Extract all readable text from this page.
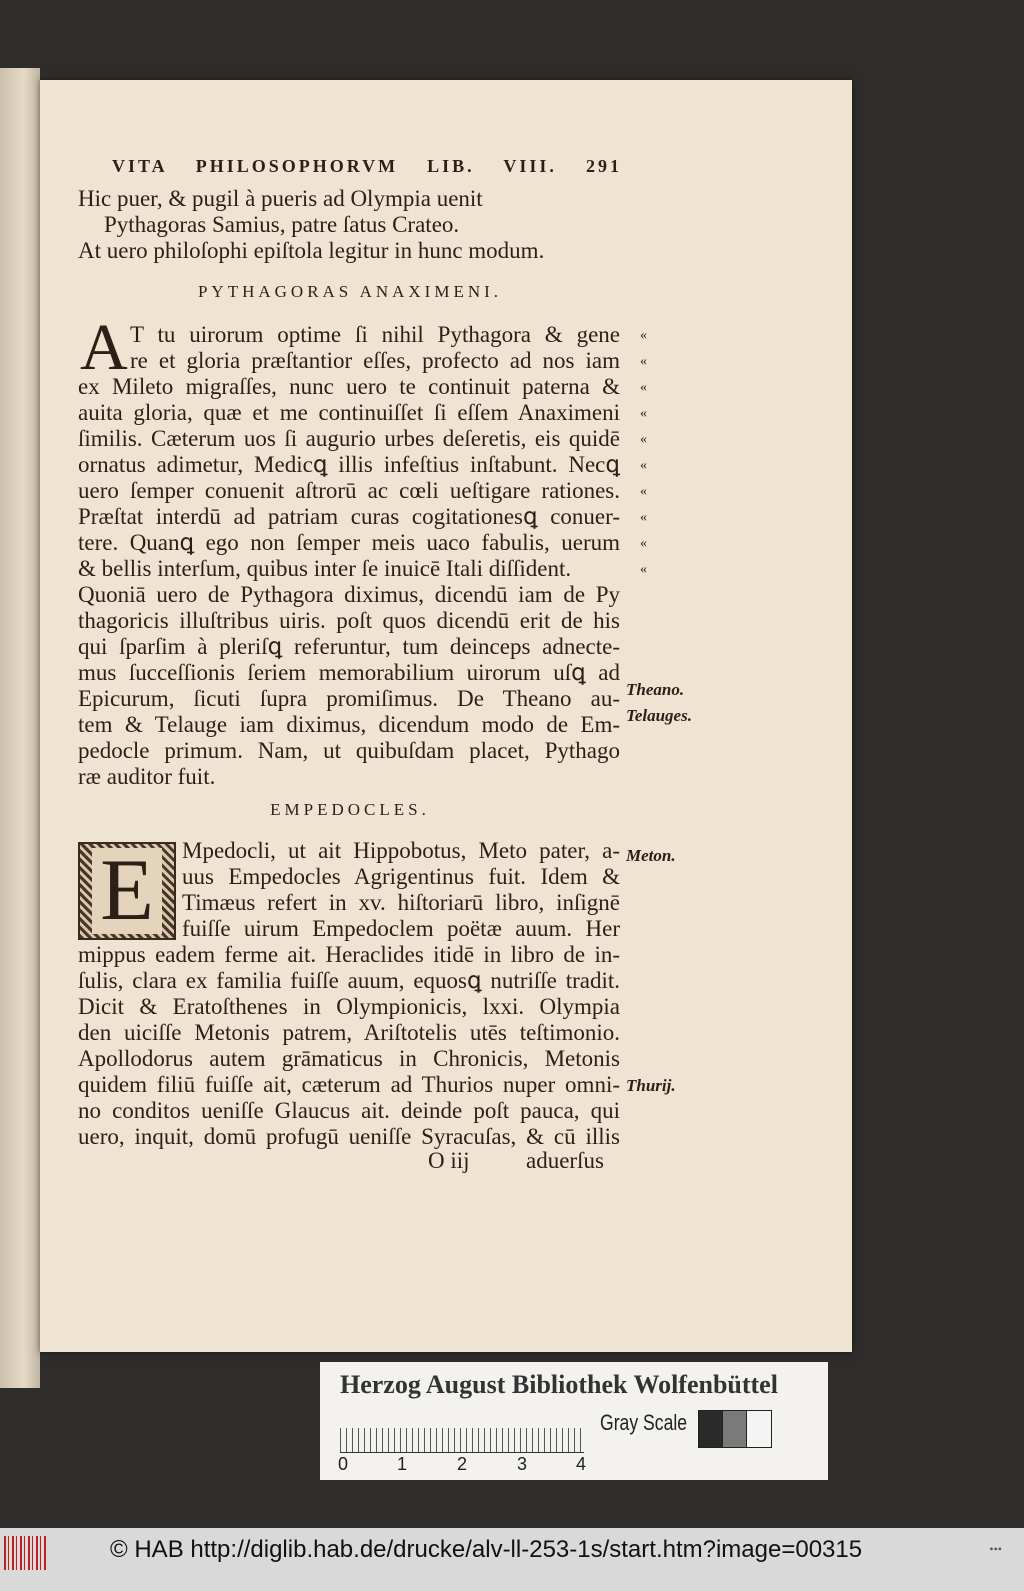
VITA PHILOSOPHORVM LIB. VIII. 291
Hic puer, & pugil à pueris ad Olympia uenit
Pythagoras Samius, patre ſatus Crateo.
At uero philoſophi epiſtola legitur in hunc modum.
PYTHAGORAS ANAXIMENI.
A T tu uirorum optime ſi nihil Pythagora & gene «
re et gloria præſtantior eſſes, profecto ad nos iam «
ex Mileto migraſſes, nunc uero te continuit paterna & «
auita gloria, quæ et me continuiſſet ſi eſſem Anaximeni «
ſimilis. Cæterum uos ſi augurio urbes deſeretis, eis quidē «
ornatus adimetur, Medicꝗ illis infeſtius inſtabunt. Necꝗ «
uero ſemper conuenit aſtrorū ac cœli ueſtigare rationes. «
Præſtat interdū ad patriam curas cogitationesꝗ conuer- «
tere. Quanꝗ ego non ſemper meis uaco fabulis, uerum «
& bellis interſum, quibus inter ſe inuicē Itali diſſident.	«
Quoniā uero de Pythagora diximus, dicendū iam de Py
thagoricis illuſtribus uiris. poſt quos dicendū erit de his
qui ſparſim à pleriſꝗ referuntur, tum deinceps adnecte-
mus ſucceſſionis ſeriem memorabilium uirorum uſꝗ ad
Epicurum, ſicuti ſupra promiſimus. De Theano au-
tem & Telauge iam diximus, dicendum modo de Em-
pedocle primum. Nam, ut quibuſdam placet, Pythago
ræ auditor fuit.
EMPEDOCLES.
E	Mpedocli, ut ait Hippobotus, Meto pater, a-
uus Empedocles Agrigentinus fuit. Idem &
Timæus refert in xv. hiſtoriarū libro, inſignē
fuiſſe uirum Empedoclem poëtæ auum. Her
mippus eadem ferme ait. Heraclides itidē in libro de in-
ſulis, clara ex familia fuiſſe auum, equosꝗ nutriſſe tradit.
Dicit & Eratoſthenes in Olympionicis, lxxi. Olympia
den uiciſſe Metonis patrem, Ariſtotelis utēs teſtimonio.
Apollodorus autem grāmaticus in Chronicis, Metonis
quidem filiū fuiſſe ait, cæterum ad Thurios nuper omni-
no conditos ueniſſe Glaucus ait. deinde poſt pauca, qui
uero, inquit, domū profugū ueniſſe Syracuſas, & cū illis
Theano.
Telauges.
Meton.
Thurij.
O iij aduerſus
Herzog August Bibliothek Wolfenbüttel
0	1	2	3	4
Gray Scale
© HAB http://diglib.hab.de/drucke/alv-ll-253-1s/start.htm?image=00315	•••
